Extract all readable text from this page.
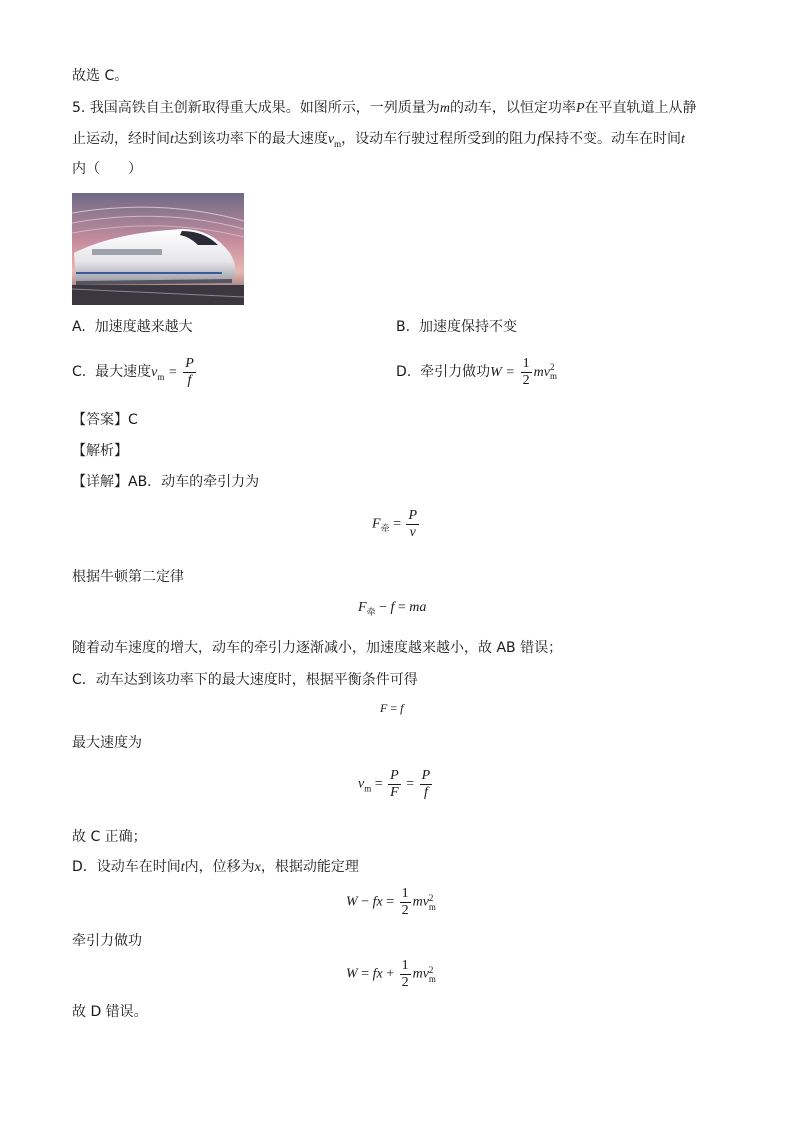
故选 C。
5. 我国高铁自主创新取得重大成果。如图所示，一列质量为m的动车，以恒定功率P在平直轨道上从静
止运动，经时间t达到该功率下的最大速度$v_m$，设动车行驶过程所受到的阻力f保持不变。动车在时间t
内（　　）
A. 加速度越来越大	B. 加速度保持不变
C. 最大速度$v_m = \frac{P}{f}$	D. 牵引力做功$W = \frac{1}{2}$ mv 2
m
【答案】C
【解析】
【详解】AB．动车的牵引力为
$F_牵 = \frac{P}{v}$
根据牛顿第二定律
$F_牵 - f$ = ma
随着动车速度的增大，动车的牵引力逐渐减小，加速度越来越小，故 AB 错误；
C．动车达到该功率下的最大速度时，根据平衡条件可得
F = f
最大速度为
$v_m = \frac{P}{F} = \frac{P}{f}$
故 C 正确；
D．设动车在时间t内，位移为x，根据动能定理
W − fx = $\frac{1}{2}$ mv 2
m
牵引力做功
W = fx + $\frac{1}{2}$ mv 2
m
故 D 错误。
